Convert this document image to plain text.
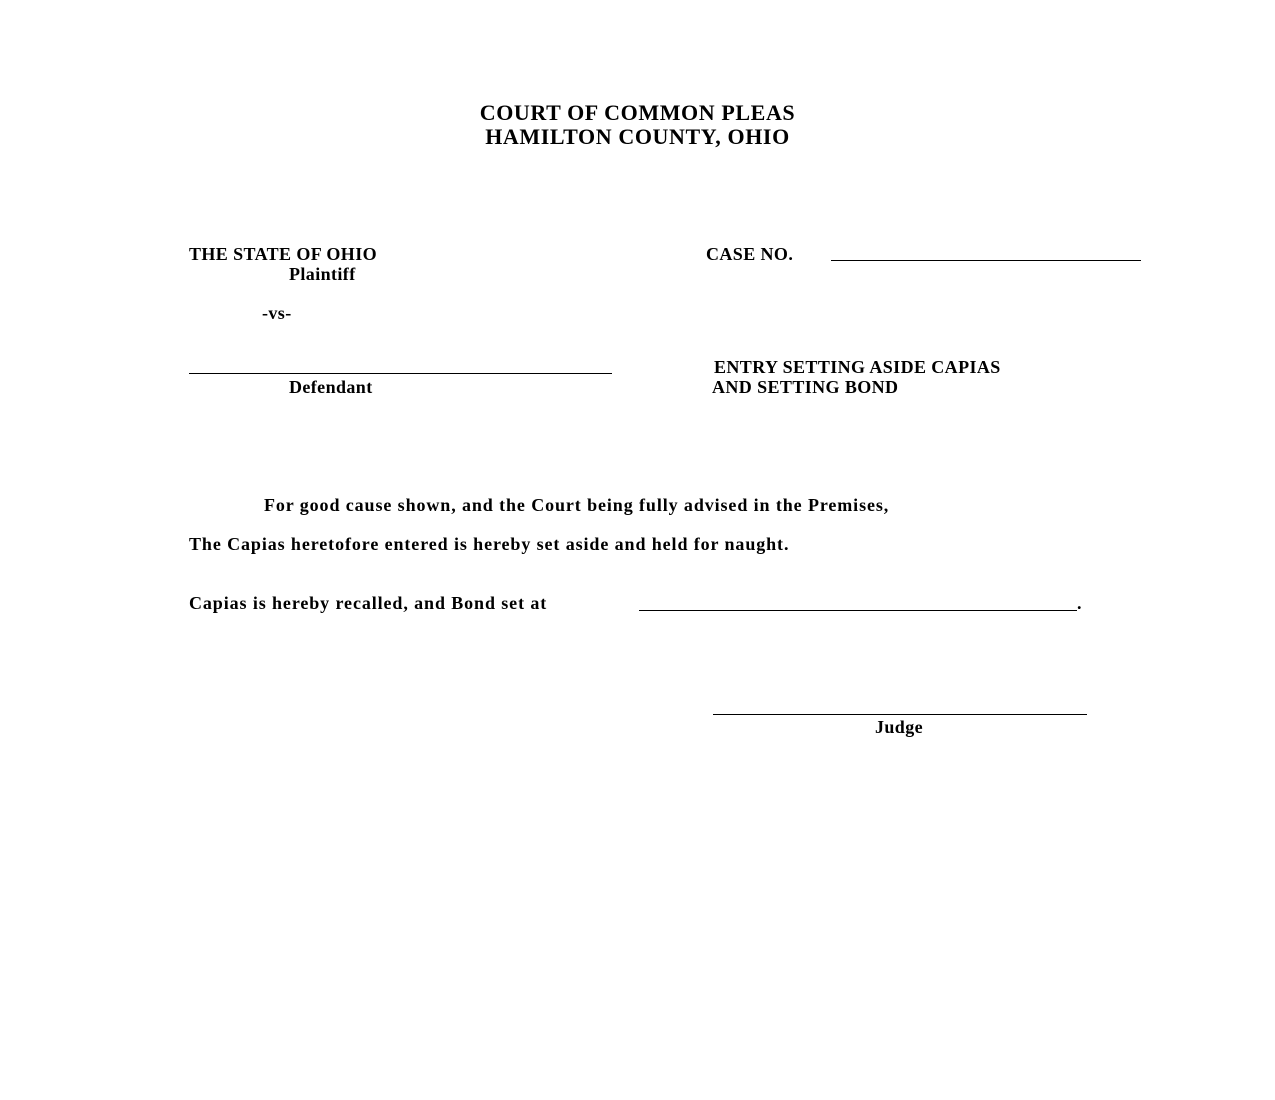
COURT OF COMMON PLEAS
HAMILTON COUNTY, OHIO
THE STATE OF OHIO
Plaintiff
-vs-
Defendant
CASE NO.
ENTRY SETTING ASIDE CAPIAS
AND SETTING BOND
For good cause shown, and the Court being fully advised in the Premises,
The Capias heretofore entered is hereby set aside and held for naught.
Capias is hereby recalled, and Bond set at	.
Judge
